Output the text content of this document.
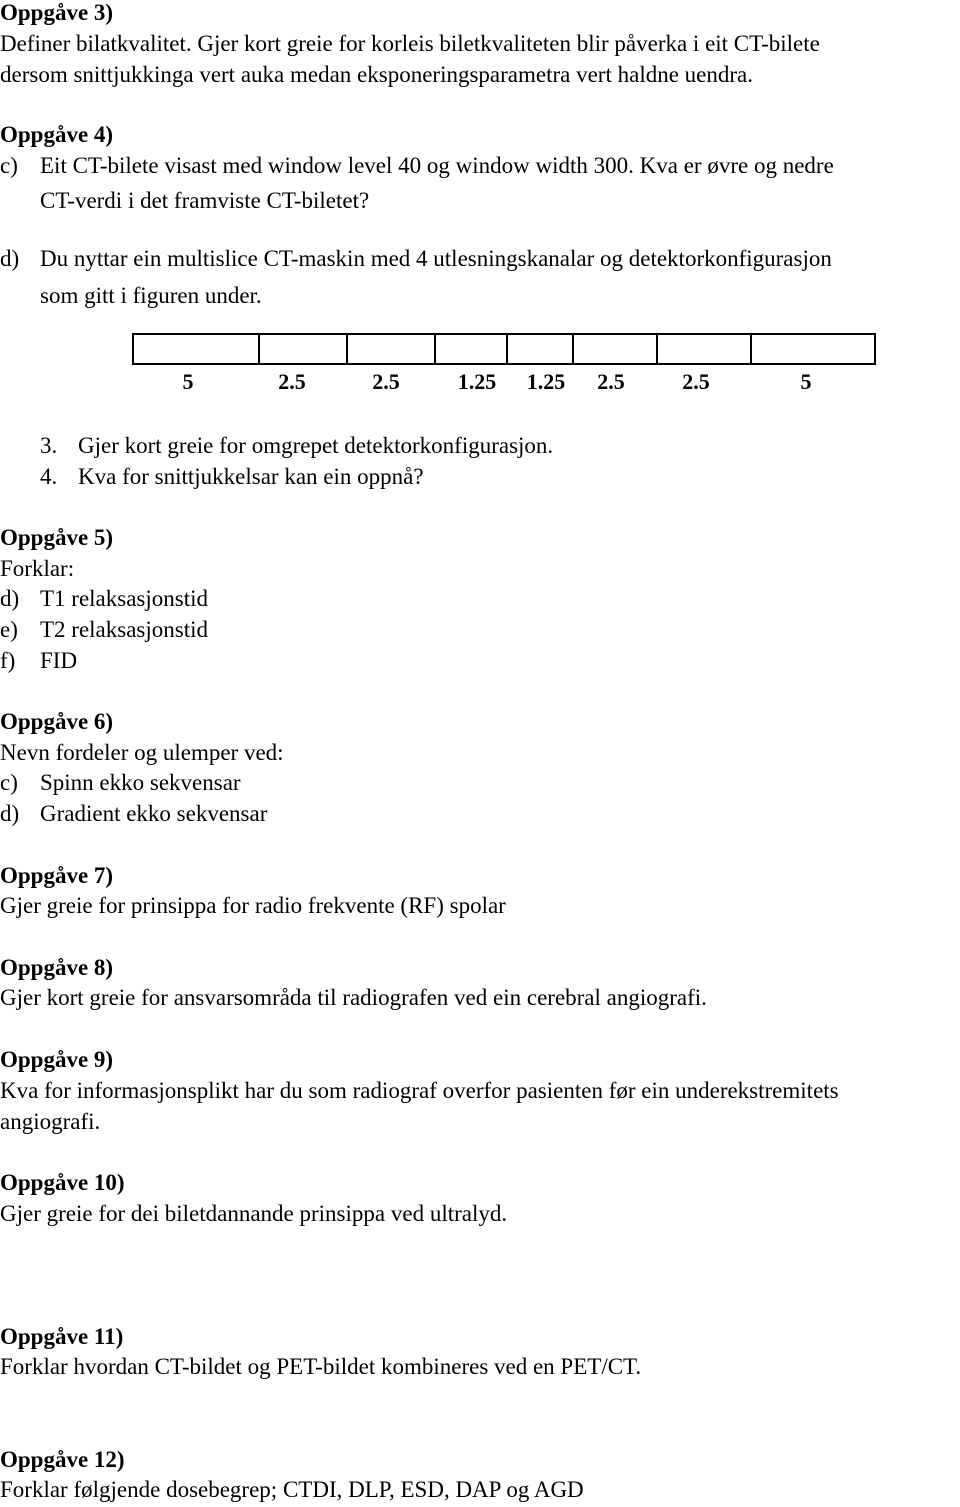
Oppgåve 3)
Definer bilatkvalitet. Gjer kort greie for korleis biletkvaliteten blir påverka i eit CT-bilete
dersom snittjukkinga vert auka medan eksponeringsparametra vert haldne uendra.
Oppgåve 4)
c) Eit CT-bilete visast med window level 40 og window width 300. Kva er øvre og nedre
CT-verdi i det framviste CT-biletet?
d) Du nyttar ein multislice CT-maskin med 4 utlesningskanalar og detektorkonfigurasjon
som gitt i figuren under.
5	2.5	2.5	1.25	1.25	2.5	2.5	5
3. Gjer kort greie for omgrepet detektorkonfigurasjon.
4. Kva for snittjukkelsar kan ein oppnå?
Oppgåve 5)
Forklar:
d) T1 relaksasjonstid
e) T2 relaksasjonstid
f) FID
Oppgåve 6)
Nevn fordeler og ulemper ved:
c) Spinn ekko sekvensar
d) Gradient ekko sekvensar
Oppgåve 7)
Gjer greie for prinsippa for radio frekvente (RF) spolar
Oppgåve 8)
Gjer kort greie for ansvarsområda til radiografen ved ein cerebral angiografi.
Oppgåve 9)
Kva for informasjonsplikt har du som radiograf overfor pasienten før ein underekstremitets
angiografi.
Oppgåve 10)
Gjer greie for dei biletdannande prinsippa ved ultralyd.
Oppgåve 11)
Forklar hvordan CT-bildet og PET-bildet kombineres ved en PET/CT.
Oppgåve 12)
Forklar følgjende dosebegrep; CTDI, DLP, ESD, DAP og AGD
